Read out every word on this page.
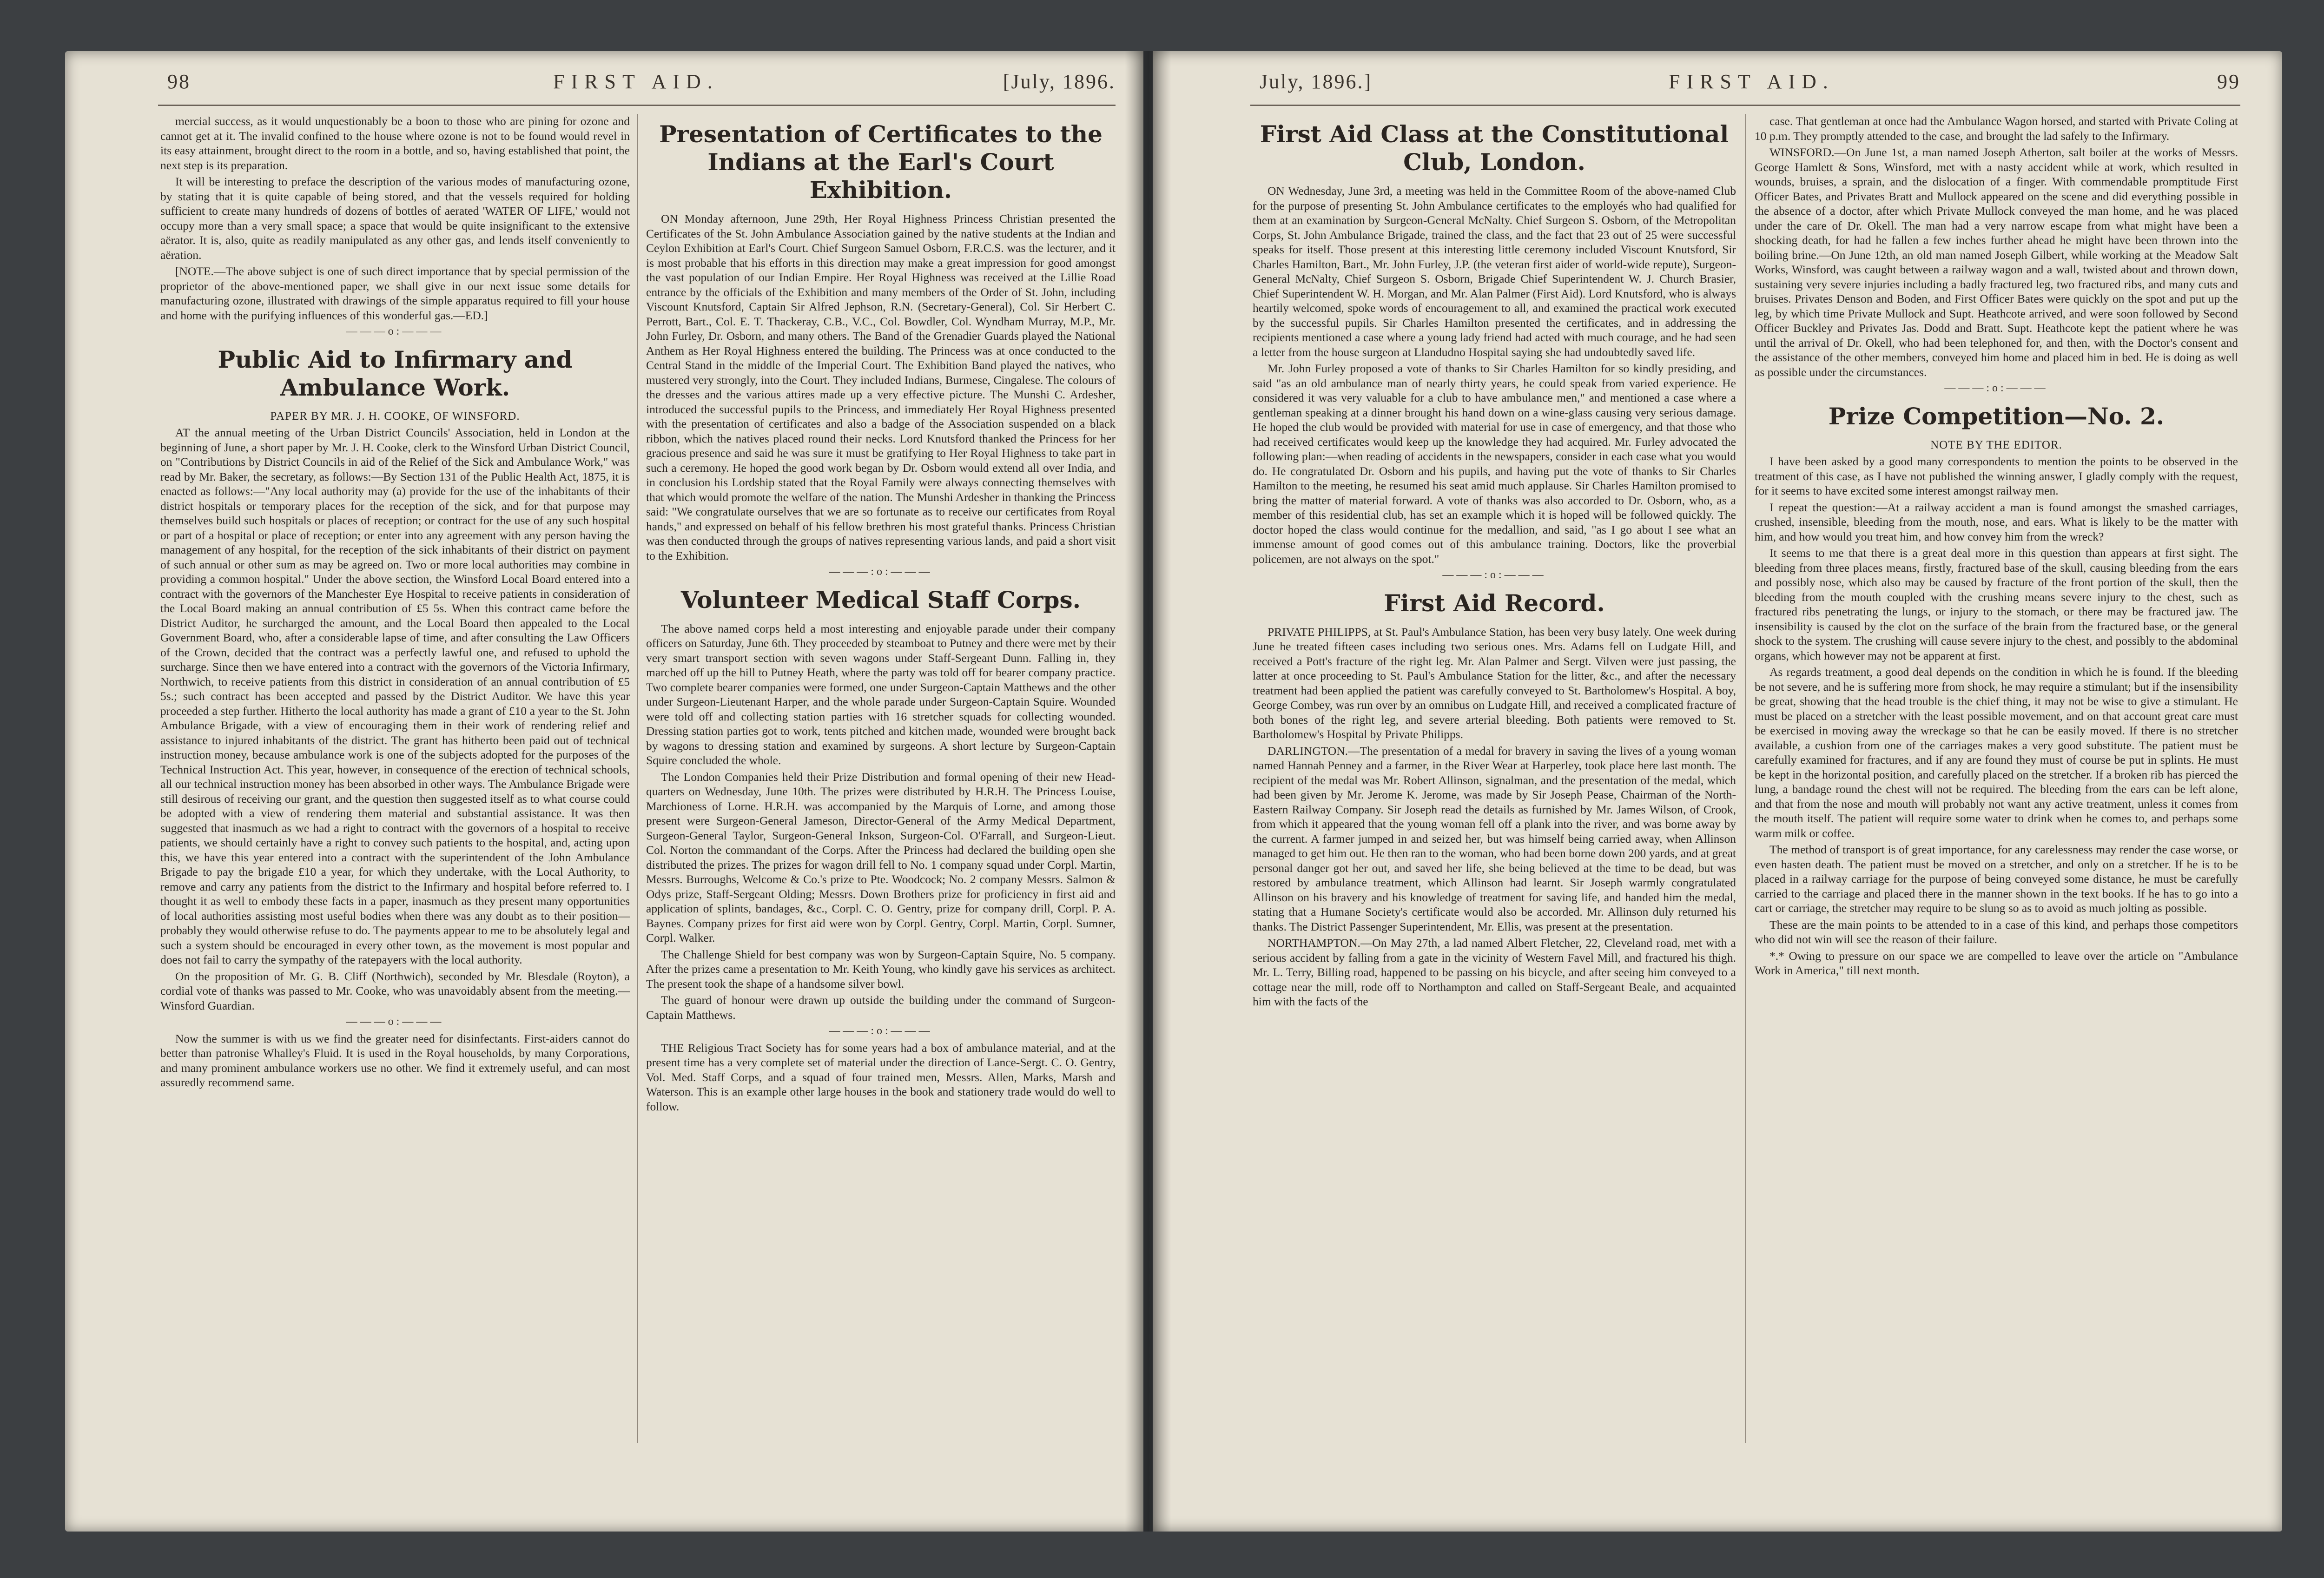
98	FIRST AID.	[July, 1896.	July, 1896.]	FIRST AID.	99

mercial success, as it would unquestionably be a boon to those who are pining for ozone and cannot get at it. The invalid confined to the house where ozone is not to be found would revel in its easy attainment, brought direct to the room in a bottle, and so, having established that point, the next step is its preparation.

It will be interesting to preface the description of the various modes of manufacturing ozone, by stating that it is quite capable of being stored, and that the vessels required for holding sufficient to create many hundreds of dozens of bottles of aerated 'WATER OF LIFE,' would not occupy more than a very small space; a space that would be quite insignificant to the extensive aërator. It is, also, quite as readily manipulated as any other gas, and lends itself conveniently to aëration.

[NOTE.—The above subject is one of such direct importance that by special permission of the proprietor of the above-mentioned paper, we shall give in our next issue some details for manufacturing ozone, illustrated with drawings of the simple apparatus required to fill your house and home with the purifying influences of this wonderful gas.—ED.]

———o:———

Public Aid to Infirmary and Ambulance Work.

PAPER BY MR. J. H. COOKE, OF WINSFORD.

AT the annual meeting of the Urban District Councils' Association, held in London at the beginning of June, a short paper by Mr. J. H. Cooke, clerk to the Winsford Urban District Council, on "Contributions by District Councils in aid of the Relief of the Sick and Ambulance Work," was read by Mr. Baker, the secretary, as follows:—By Section 131 of the Public Health Act, 1875, it is enacted as follows:—"Any local authority may (a) provide for the use of the inhabitants of their district hospitals or temporary places for the reception of the sick, and for that purpose may themselves build such hospitals or places of reception; or contract for the use of any such hospital or part of a hospital or place of reception; or enter into any agreement with any person having the management of any hospital, for the reception of the sick inhabitants of their district on payment of such annual or other sum as may be agreed on. Two or more local authorities may combine in providing a common hospital." Under the above section, the Winsford Local Board entered into a contract with the governors of the Manchester Eye Hospital to receive patients in consideration of the Local Board making an annual contribution of £5 5s. When this contract came before the District Auditor, he surcharged the amount, and the Local Board then appealed to the Local Government Board, who, after a considerable lapse of time, and after consulting the Law Officers of the Crown, decided that the contract was a perfectly lawful one, and refused to uphold the surcharge. Since then we have entered into a contract with the governors of the Victoria Infirmary, Northwich, to receive patients from this district in consideration of an annual contribution of £5 5s.; such contract has been accepted and passed by the District Auditor. We have this year proceeded a step further. Hitherto the local authority has made a grant of £10 a year to the St. John Ambulance Brigade, with a view of encouraging them in their work of rendering relief and assistance to injured inhabitants of the district. The grant has hitherto been paid out of technical instruction money, because ambulance work is one of the subjects adopted for the purposes of the Technical Instruction Act. This year, however, in consequence of the erection of technical schools, all our technical instruction money has been absorbed in other ways. The Ambulance Brigade were still desirous of receiving our grant, and the question then suggested itself as to what course could be adopted with a view of rendering them material and substantial assistance. It was then suggested that inasmuch as we had a right to contract with the governors of a hospital to receive patients, we should certainly have a right to convey such patients to the hospital, and, acting upon this, we have this year entered into a contract with the superintendent of the John Ambulance Brigade to pay the brigade £10 a year, for which they undertake, with the Local Authority, to remove and carry any patients from the district to the Infirmary and hospital before referred to. I thought it as well to embody these facts in a paper, inasmuch as they present many opportunities of local authorities assisting most useful bodies when there was any doubt as to their position—probably they would otherwise refuse to do. The payments appear to me to be absolutely legal and such a system should be encouraged in every other town, as the movement is most popular and does not fail to carry the sympathy of the ratepayers with the local authority.

On the proposition of Mr. G. B. Cliff (Northwich), seconded by Mr. Blesdale (Royton), a cordial vote of thanks was passed to Mr. Cooke, who was unavoidably absent from the meeting.—Winsford Guardian.

———o:———

Now the summer is with us we find the greater need for disinfectants. First-aiders cannot do better than patronise Whalley's Fluid. It is used in the Royal households, by many Corporations, and many prominent ambulance workers use no other. We find it extremely useful, and can most assuredly recommend same.

Presentation of Certificates to the Indians at the Earl's Court Exhibition.

ON Monday afternoon, June 29th, Her Royal Highness Princess Christian presented the Certificates of the St. John Ambulance Association gained by the native students at the Indian and Ceylon Exhibition at Earl's Court. Chief Surgeon Samuel Osborn, F.R.C.S. was the lecturer, and it is most probable that his efforts in this direction may make a great impression for good amongst the vast population of our Indian Empire. Her Royal Highness was received at the Lillie Road entrance by the officials of the Exhibition and many members of the Order of St. John, including Viscount Knutsford, Captain Sir Alfred Jephson, R.N. (Secretary-General), Col. Sir Herbert C. Perrott, Bart., Col. E. T. Thackeray, C.B., V.C., Col. Bowdler, Col. Wyndham Murray, M.P., Mr. John Furley, Dr. Osborn, and many others. The Band of the Grenadier Guards played the National Anthem as Her Royal Highness entered the building. The Princess was at once conducted to the Central Stand in the middle of the Imperial Court. The Exhibition Band played the natives, who mustered very strongly, into the Court. They included Indians, Burmese, Cingalese. The colours of the dresses and the various attires made up a very effective picture. The Munshi C. Ardesher, introduced the successful pupils to the Princess, and immediately Her Royal Highness presented with the presentation of certificates and also a badge of the Association suspended on a black ribbon, which the natives placed round their necks. Lord Knutsford thanked the Princess for her gracious presence and said he was sure it must be gratifying to Her Royal Highness to take part in such a ceremony. He hoped the good work began by Dr. Osborn would extend all over India, and in conclusion his Lordship stated that the Royal Family were always connecting themselves with that which would promote the welfare of the nation. The Munshi Ardesher in thanking the Princess said: "We congratulate ourselves that we are so fortunate as to receive our certificates from Royal hands," and expressed on behalf of his fellow brethren his most grateful thanks. Princess Christian was then conducted through the groups of natives representing various lands, and paid a short visit to the Exhibition.

———:o:———

Volunteer Medical Staff Corps.

The above named corps held a most interesting and enjoyable parade under their company officers on Saturday, June 6th. They proceeded by steamboat to Putney and there were met by their very smart transport section with seven wagons under Staff-Sergeant Dunn. Falling in, they marched off up the hill to Putney Heath, where the party was told off for bearer company practice. Two complete bearer companies were formed, one under Surgeon-Captain Matthews and the other under Surgeon-Lieutenant Harper, and the whole parade under Surgeon-Captain Squire. Wounded were told off and collecting station parties with 16 stretcher squads for collecting wounded. Dressing station parties got to work, tents pitched and kitchen made, wounded were brought back by wagons to dressing station and examined by surgeons. A short lecture by Surgeon-Captain Squire concluded the whole.

The London Companies held their Prize Distribution and formal opening of their new Head-quarters on Wednesday, June 10th. The prizes were distributed by H.R.H. The Princess Louise, Marchioness of Lorne. H.R.H. was accompanied by the Marquis of Lorne, and among those present were Surgeon-General Jameson, Director-General of the Army Medical Department, Surgeon-General Taylor, Surgeon-General Inkson, Surgeon-Col. O'Farrall, and Surgeon-Lieut. Col. Norton the commandant of the Corps. After the Princess had declared the building open she distributed the prizes. The prizes for wagon drill fell to No. 1 company squad under Corpl. Martin, Messrs. Burroughs, Welcome & Co.'s prize to Pte. Woodcock; No. 2 company Messrs. Salmon & Odys prize, Staff-Sergeant Olding; Messrs. Down Brothers prize for proficiency in first aid and application of splints, bandages, &c., Corpl. C. O. Gentry, prize for company drill, Corpl. P. A. Baynes. Company prizes for first aid were won by Corpl. Gentry, Corpl. Martin, Corpl. Sumner, Corpl. Walker.

The Challenge Shield for best company was won by Surgeon-Captain Squire, No. 5 company. After the prizes came a presentation to Mr. Keith Young, who kindly gave his services as architect. The present took the shape of a handsome silver bowl.

The guard of honour were drawn up outside the building under the command of Surgeon-Captain Matthews.

———:o:———

THE Religious Tract Society has for some years had a box of ambulance material, and at the present time has a very complete set of material under the direction of Lance-Sergt. C. O. Gentry, Vol. Med. Staff Corps, and a squad of four trained men, Messrs. Allen, Marks, Marsh and Waterson. This is an example other large houses in the book and stationery trade would do well to follow.

First Aid Class at the Constitutional Club, London.

ON Wednesday, June 3rd, a meeting was held in the Committee Room of the above-named Club for the purpose of presenting St. John Ambulance certificates to the employés who had qualified for them at an examination by Surgeon-General McNalty. Chief Surgeon S. Osborn, of the Metropolitan Corps, St. John Ambulance Brigade, trained the class, and the fact that 23 out of 25 were successful speaks for itself. Those present at this interesting little ceremony included Viscount Knutsford, Sir Charles Hamilton, Bart., Mr. John Furley, J.P. (the veteran first aider of world-wide repute), Surgeon-General McNalty, Chief Surgeon S. Osborn, Brigade Chief Superintendent W. J. Church Brasier, Chief Superintendent W. H. Morgan, and Mr. Alan Palmer (First Aid). Lord Knutsford, who is always heartily welcomed, spoke words of encouragement to all, and examined the practical work executed by the successful pupils. Sir Charles Hamilton presented the certificates, and in addressing the recipients mentioned a case where a young lady friend had acted with much courage, and he had seen a letter from the house surgeon at Llandudno Hospital saying she had undoubtedly saved life.

Mr. John Furley proposed a vote of thanks to Sir Charles Hamilton for so kindly presiding, and said "as an old ambulance man of nearly thirty years, he could speak from varied experience. He considered it was very valuable for a club to have ambulance men," and mentioned a case where a gentleman speaking at a dinner brought his hand down on a wine-glass causing very serious damage. He hoped the club would be provided with material for use in case of emergency, and that those who had received certificates would keep up the knowledge they had acquired. Mr. Furley advocated the following plan:—when reading of accidents in the newspapers, consider in each case what you would do. He congratulated Dr. Osborn and his pupils, and having put the vote of thanks to Sir Charles Hamilton to the meeting, he resumed his seat amid much applause. Sir Charles Hamilton promised to bring the matter of material forward. A vote of thanks was also accorded to Dr. Osborn, who, as a member of this residential club, has set an example which it is hoped will be followed quickly. The doctor hoped the class would continue for the medallion, and said, "as I go about I see what an immense amount of good comes out of this ambulance training. Doctors, like the proverbial policemen, are not always on the spot."

———:o:———

First Aid Record.

PRIVATE PHILIPPS, at St. Paul's Ambulance Station, has been very busy lately. One week during June he treated fifteen cases including two serious ones. Mrs. Adams fell on Ludgate Hill, and received a Pott's fracture of the right leg. Mr. Alan Palmer and Sergt. Vilven were just passing, the latter at once proceeding to St. Paul's Ambulance Station for the litter, &c., and after the necessary treatment had been applied the patient was carefully conveyed to St. Bartholomew's Hospital. A boy, George Combey, was run over by an omnibus on Ludgate Hill, and received a complicated fracture of both bones of the right leg, and severe arterial bleeding. Both patients were removed to St. Bartholomew's Hospital by Private Philipps.

DARLINGTON.—The presentation of a medal for bravery in saving the lives of a young woman named Hannah Penney and a farmer, in the River Wear at Harperley, took place here last month. The recipient of the medal was Mr. Robert Allinson, signalman, and the presentation of the medal, which had been given by Mr. Jerome K. Jerome, was made by Sir Joseph Pease, Chairman of the North-Eastern Railway Company. Sir Joseph read the details as furnished by Mr. James Wilson, of Crook, from which it appeared that the young woman fell off a plank into the river, and was borne away by the current. A farmer jumped in and seized her, but was himself being carried away, when Allinson managed to get him out. He then ran to the woman, who had been borne down 200 yards, and at great personal danger got her out, and saved her life, she being believed at the time to be dead, but was restored by ambulance treatment, which Allinson had learnt. Sir Joseph warmly congratulated Allinson on his bravery and his knowledge of treatment for saving life, and handed him the medal, stating that a Humane Society's certificate would also be accorded. Mr. Allinson duly returned his thanks. The District Passenger Superintendent, Mr. Ellis, was present at the presentation.

NORTHAMPTON.—On May 27th, a lad named Albert Fletcher, 22, Cleveland road, met with a serious accident by falling from a gate in the vicinity of Western Favel Mill, and fractured his thigh. Mr. L. Terry, Billing road, happened to be passing on his bicycle, and after seeing him conveyed to a cottage near the mill, rode off to Northampton and called on Staff-Sergeant Beale, and acquainted him with the facts of the

case. That gentleman at once had the Ambulance Wagon horsed, and started with Private Coling at 10 p.m. They promptly attended to the case, and brought the lad safely to the Infirmary.

WINSFORD.—On June 1st, a man named Joseph Atherton, salt boiler at the works of Messrs. George Hamlett & Sons, Winsford, met with a nasty accident while at work, which resulted in wounds, bruises, a sprain, and the dislocation of a finger. With commendable promptitude First Officer Bates, and Privates Bratt and Mullock appeared on the scene and did everything possible in the absence of a doctor, after which Private Mullock conveyed the man home, and he was placed under the care of Dr. Okell. The man had a very narrow escape from what might have been a shocking death, for had he fallen a few inches further ahead he might have been thrown into the boiling brine.—On June 12th, an old man named Joseph Gilbert, while working at the Meadow Salt Works, Winsford, was caught between a railway wagon and a wall, twisted about and thrown down, sustaining very severe injuries including a badly fractured leg, two fractured ribs, and many cuts and bruises. Privates Denson and Boden, and First Officer Bates were quickly on the spot and put up the leg, by which time Private Mullock and Supt. Heathcote arrived, and were soon followed by Second Officer Buckley and Privates Jas. Dodd and Bratt. Supt. Heathcote kept the patient where he was until the arrival of Dr. Okell, who had been telephoned for, and then, with the Doctor's consent and the assistance of the other members, conveyed him home and placed him in bed. He is doing as well as possible under the circumstances.

———:o:———

Prize Competition—No. 2.

NOTE BY THE EDITOR.

I have been asked by a good many correspondents to mention the points to be observed in the treatment of this case, as I have not published the winning answer, I gladly comply with the request, for it seems to have excited some interest amongst railway men.

I repeat the question:—At a railway accident a man is found amongst the smashed carriages, crushed, insensible, bleeding from the mouth, nose, and ears. What is likely to be the matter with him, and how would you treat him, and how convey him from the wreck?

It seems to me that there is a great deal more in this question than appears at first sight. The bleeding from three places means, firstly, fractured base of the skull, causing bleeding from the ears and possibly nose, which also may be caused by fracture of the front portion of the skull, then the bleeding from the mouth coupled with the crushing means severe injury to the chest, such as fractured ribs penetrating the lungs, or injury to the stomach, or there may be fractured jaw. The insensibility is caused by the clot on the surface of the brain from the fractured base, or the general shock to the system. The crushing will cause severe injury to the chest, and possibly to the abdominal organs, which however may not be apparent at first.

As regards treatment, a good deal depends on the condition in which he is found. If the bleeding be not severe, and he is suffering more from shock, he may require a stimulant; but if the insensibility be great, showing that the head trouble is the chief thing, it may not be wise to give a stimulant. He must be placed on a stretcher with the least possible movement, and on that account great care must be exercised in moving away the wreckage so that he can be easily moved. If there is no stretcher available, a cushion from one of the carriages makes a very good substitute. The patient must be carefully examined for fractures, and if any are found they must of course be put in splints. He must be kept in the horizontal position, and carefully placed on the stretcher. If a broken rib has pierced the lung, a bandage round the chest will not be required. The bleeding from the ears can be left alone, and that from the nose and mouth will probably not want any active treatment, unless it comes from the mouth itself. The patient will require some water to drink when he comes to, and perhaps some warm milk or coffee.

The method of transport is of great importance, for any carelessness may render the case worse, or even hasten death. The patient must be moved on a stretcher, and only on a stretcher. If he is to be placed in a railway carriage for the purpose of being conveyed some distance, he must be carefully carried to the carriage and placed there in the manner shown in the text books. If he has to go into a cart or carriage, the stretcher may require to be slung so as to avoid as much jolting as possible.

These are the main points to be attended to in a case of this kind, and perhaps those competitors who did not win will see the reason of their failure.

*.* Owing to pressure on our space we are compelled to leave over the article on "Ambulance Work in America," till next month.
